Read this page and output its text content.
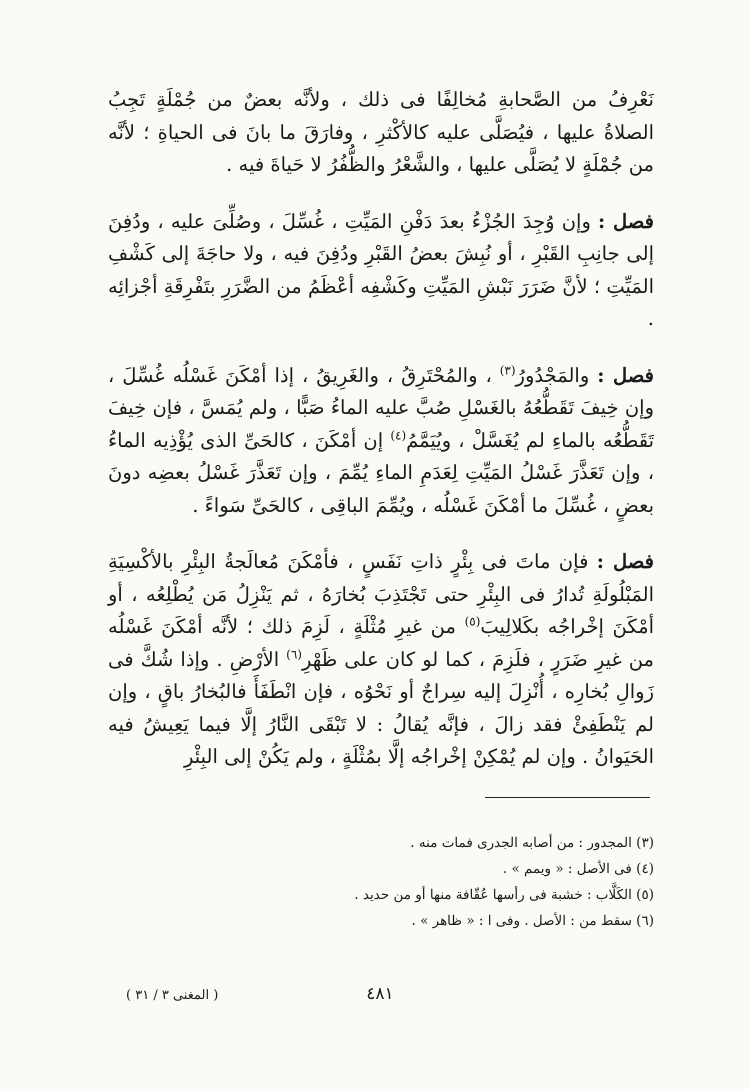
نَعْرِفُ من الصَّحابةِ مُخالِفًا فى ذلك ، ولأنَّه بعضٌ من جُمْلَةٍ تَجِبُ الصلاةُ عليها ، فيُصَلَّى عليه كالأكْثرِ ، وفارَقَ ما بانَ فى الحياةِ ؛ لأنَّه من جُمْلَةٍ لا يُصَلَّى عليها ، والشَّعْرُ والظُّفُرُ لا حَياةَ فيه .

فصل : وإن وُجِدَ الجُزْءُ بعدَ دَفْنِ المَيِّتِ ، غُسِّلَ ، وصُلِّىَ عليه ، ودُفِنَ إلى جانِبِ القَبْرِ ، أو نُبِشَ بعضُ القَبْرِ ودُفِنَ فيه ، ولا حاجَةَ إلى كَشْفِ المَيِّتِ ؛ لأنَّ ضَرَرَ نَبْشِ المَيِّتِ وكَشْفِه أعْظَمُ من الضَّرَرِ بتَفْرِقَةِ أجْزائِه .

فصل : والمَجْدُورُ$^{(٣)}$ ، والمُحْتَرِقُ ، والغَرِيقُ ، إذا أمْكَنَ غَسْلُه غُسِّلَ ، وإن خِيفَ تَقَطُّعُهُ بالغَسْلِ صُبَّ عليه الماءُ صَبًّا ، ولم يُمَسَّ ، فإن خِيفَ تَقَطُّعُه بالماءِ لم يُغَسَّلْ ، ويُيَمَّمُ$^{(٤)}$ إن أمْكَنَ ، كالحَىِّ الذى يُؤْذِيه الماءُ ، وإن تَعَذَّرَ غَسْلُ المَيِّتِ لِعَدَمِ الماءِ يُمِّمَ ، وإن تَعَذَّرَ غَسْلُ بعضِه دونَ بعضٍ ، غُسِّلَ ما أمْكَنَ غَسْلُه ، ويُمِّمَ الباقِى ، كالحَىِّ سَواءً .

فصل : فإن ماتَ فى بِئْرٍ ذاتِ نَفَسٍ ، فأمْكَنَ مُعالَجةُ البِئْرِ بالأكْسِيَةِ المَبْلُولَةِ تُدارُ فى البِئْرِ حتى تَجْتَذِبَ بُخارَهُ ، ثم يَنْزِلُ مَن يُطْلِعُه ، أو أمْكَنَ إخْراجُه بكَلالِيبَ$^{(٥)}$ من غيرِ مُثْلَةٍ ، لَزِمَ ذلك ؛ لأنَّه أمْكَنَ غَسْلُه من غيرِ ضَرَرٍ ، فلَزِمَ ، كما لو كان على ظَهْرِ$^{(٦)}$ الأرْضِ . وإذا شُكَّ فى زَوالِ بُخارِه ، أُنْزِلَ إليه سِراجٌ أو نَحْوُه ، فإن انْطَفَأَ فالبُخارُ باقٍ ، وإن لم يَنْطَفِئْ فقد زالَ ، فإنَّه يُقالُ : لا تَبْقَى النَّارُ إلَّا فيما يَعِيشُ فيه الحَيَوانُ . وإن لم يُمْكِنْ إخْراجُه إلَّا بمُثْلَةٍ ، ولم يَكُنْ إلى البِئْرِ

(٣) المجدور : من أصابه الجدرى فمات منه .
(٤) فى الأصل : « ويمم » .
(٥) الكَلَّاب : خشبة فى رأسها عُقّافة منها أو من حديد .
(٦) سقط من : الأصل . وفى ا : « ظاهر » .
٤٨١
( المغنى ٣ / ٣١ )
